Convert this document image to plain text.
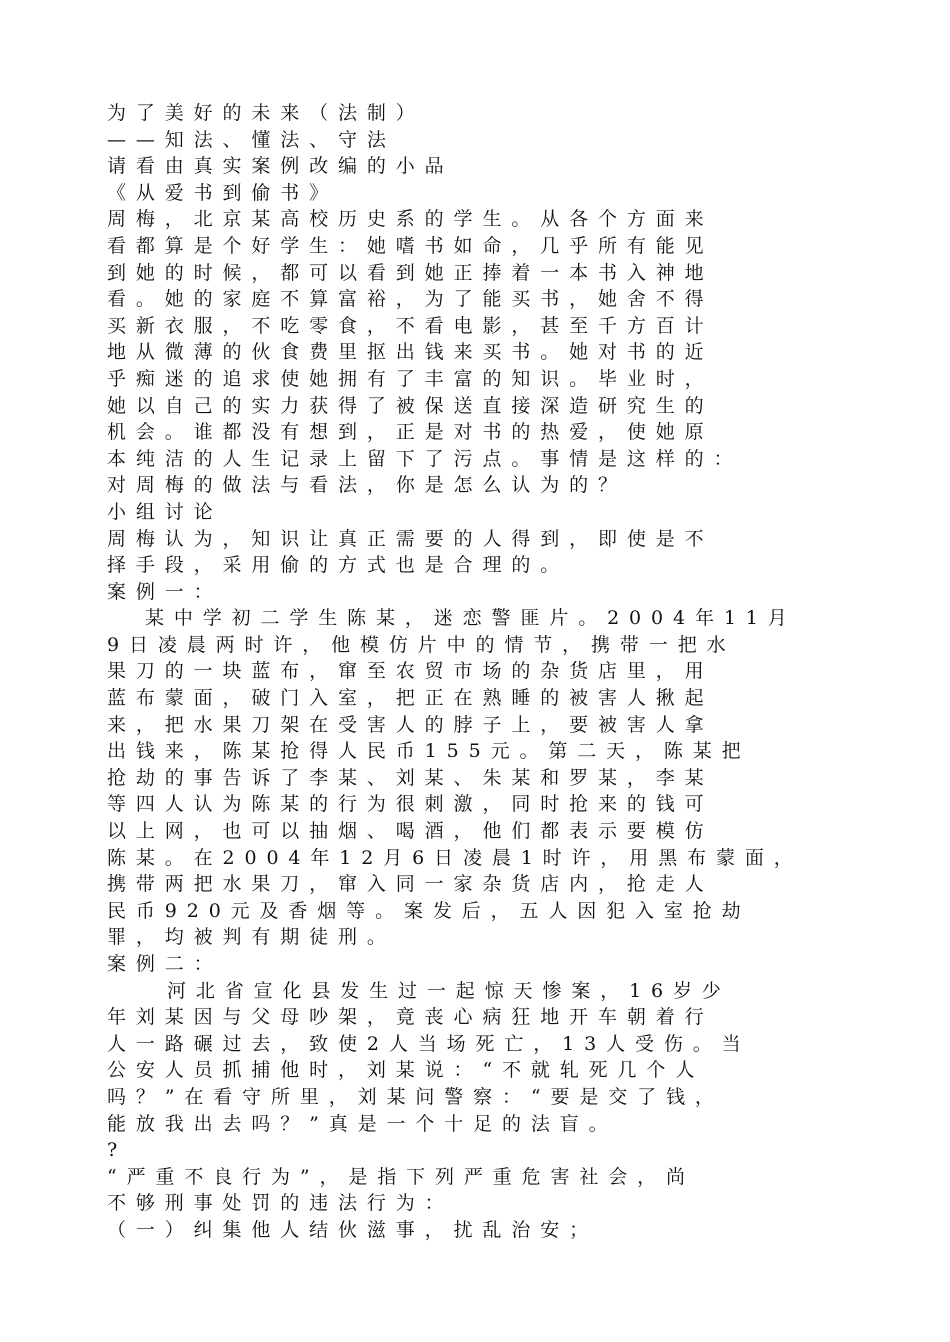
为了美好的未来（法制）
——知法、懂法、守法
请看由真实案例改编的小品
《从爱书到偷书》
周梅，北京某高校历史系的学生。从各个方面来
看都算是个好学生：她嗜书如命，几乎所有能见
到她的时候，都可以看到她正捧着一本书入神地
看。她的家庭不算富裕，为了能买书，她舍不得
买新衣服，不吃零食，不看电影，甚至千方百计
地从微薄的伙食费里抠出钱来买书。她对书的近
乎痴迷的追求使她拥有了丰富的知识。毕业时，
她以自己的实力获得了被保送直接深造研究生的
机会。谁都没有想到，正是对书的热爱，使她原
本纯洁的人生记录上留下了污点。事情是这样的：
对周梅的做法与看法，你是怎么认为的？
小组讨论
周梅认为，知识让真正需要的人得到，即使是不
择手段，采用偷的方式也是合理的。
案例一：
某中学初二学生陈某，迷恋警匪片。2004年11月
9日凌晨两时许，他模仿片中的情节，携带一把水
果刀的一块蓝布，窜至农贸市场的杂货店里，用
蓝布蒙面，破门入室，把正在熟睡的被害人揪起
来，把水果刀架在受害人的脖子上，要被害人拿
出钱来，陈某抢得人民币155元。第二天，陈某把
抢劫的事告诉了李某、刘某、朱某和罗某，李某
等四人认为陈某的行为很刺激，同时抢来的钱可
以上网，也可以抽烟、喝酒，他们都表示要模仿
陈某。在2004年12月6日凌晨1时许，用黑布蒙面，
携带两把水果刀，窜入同一家杂货店内，抢走人
民币920元及香烟等。案发后，五人因犯入室抢劫
罪，均被判有期徒刑。
案例二：
河北省宣化县发生过一起惊天惨案，16岁少
年刘某因与父母吵架，竟丧心病狂地开车朝着行
人一路碾过去，致使2人当场死亡，13人受伤。当
公安人员抓捕他时，刘某说：“不就轧死几个人
吗？”在看守所里，刘某问警察：“要是交了钱，
能放我出去吗？”真是一个十足的法盲。
?
“严重不良行为”，是指下列严重危害社会，尚
不够刑事处罚的违法行为：
（一）纠集他人结伙滋事，扰乱治安；
